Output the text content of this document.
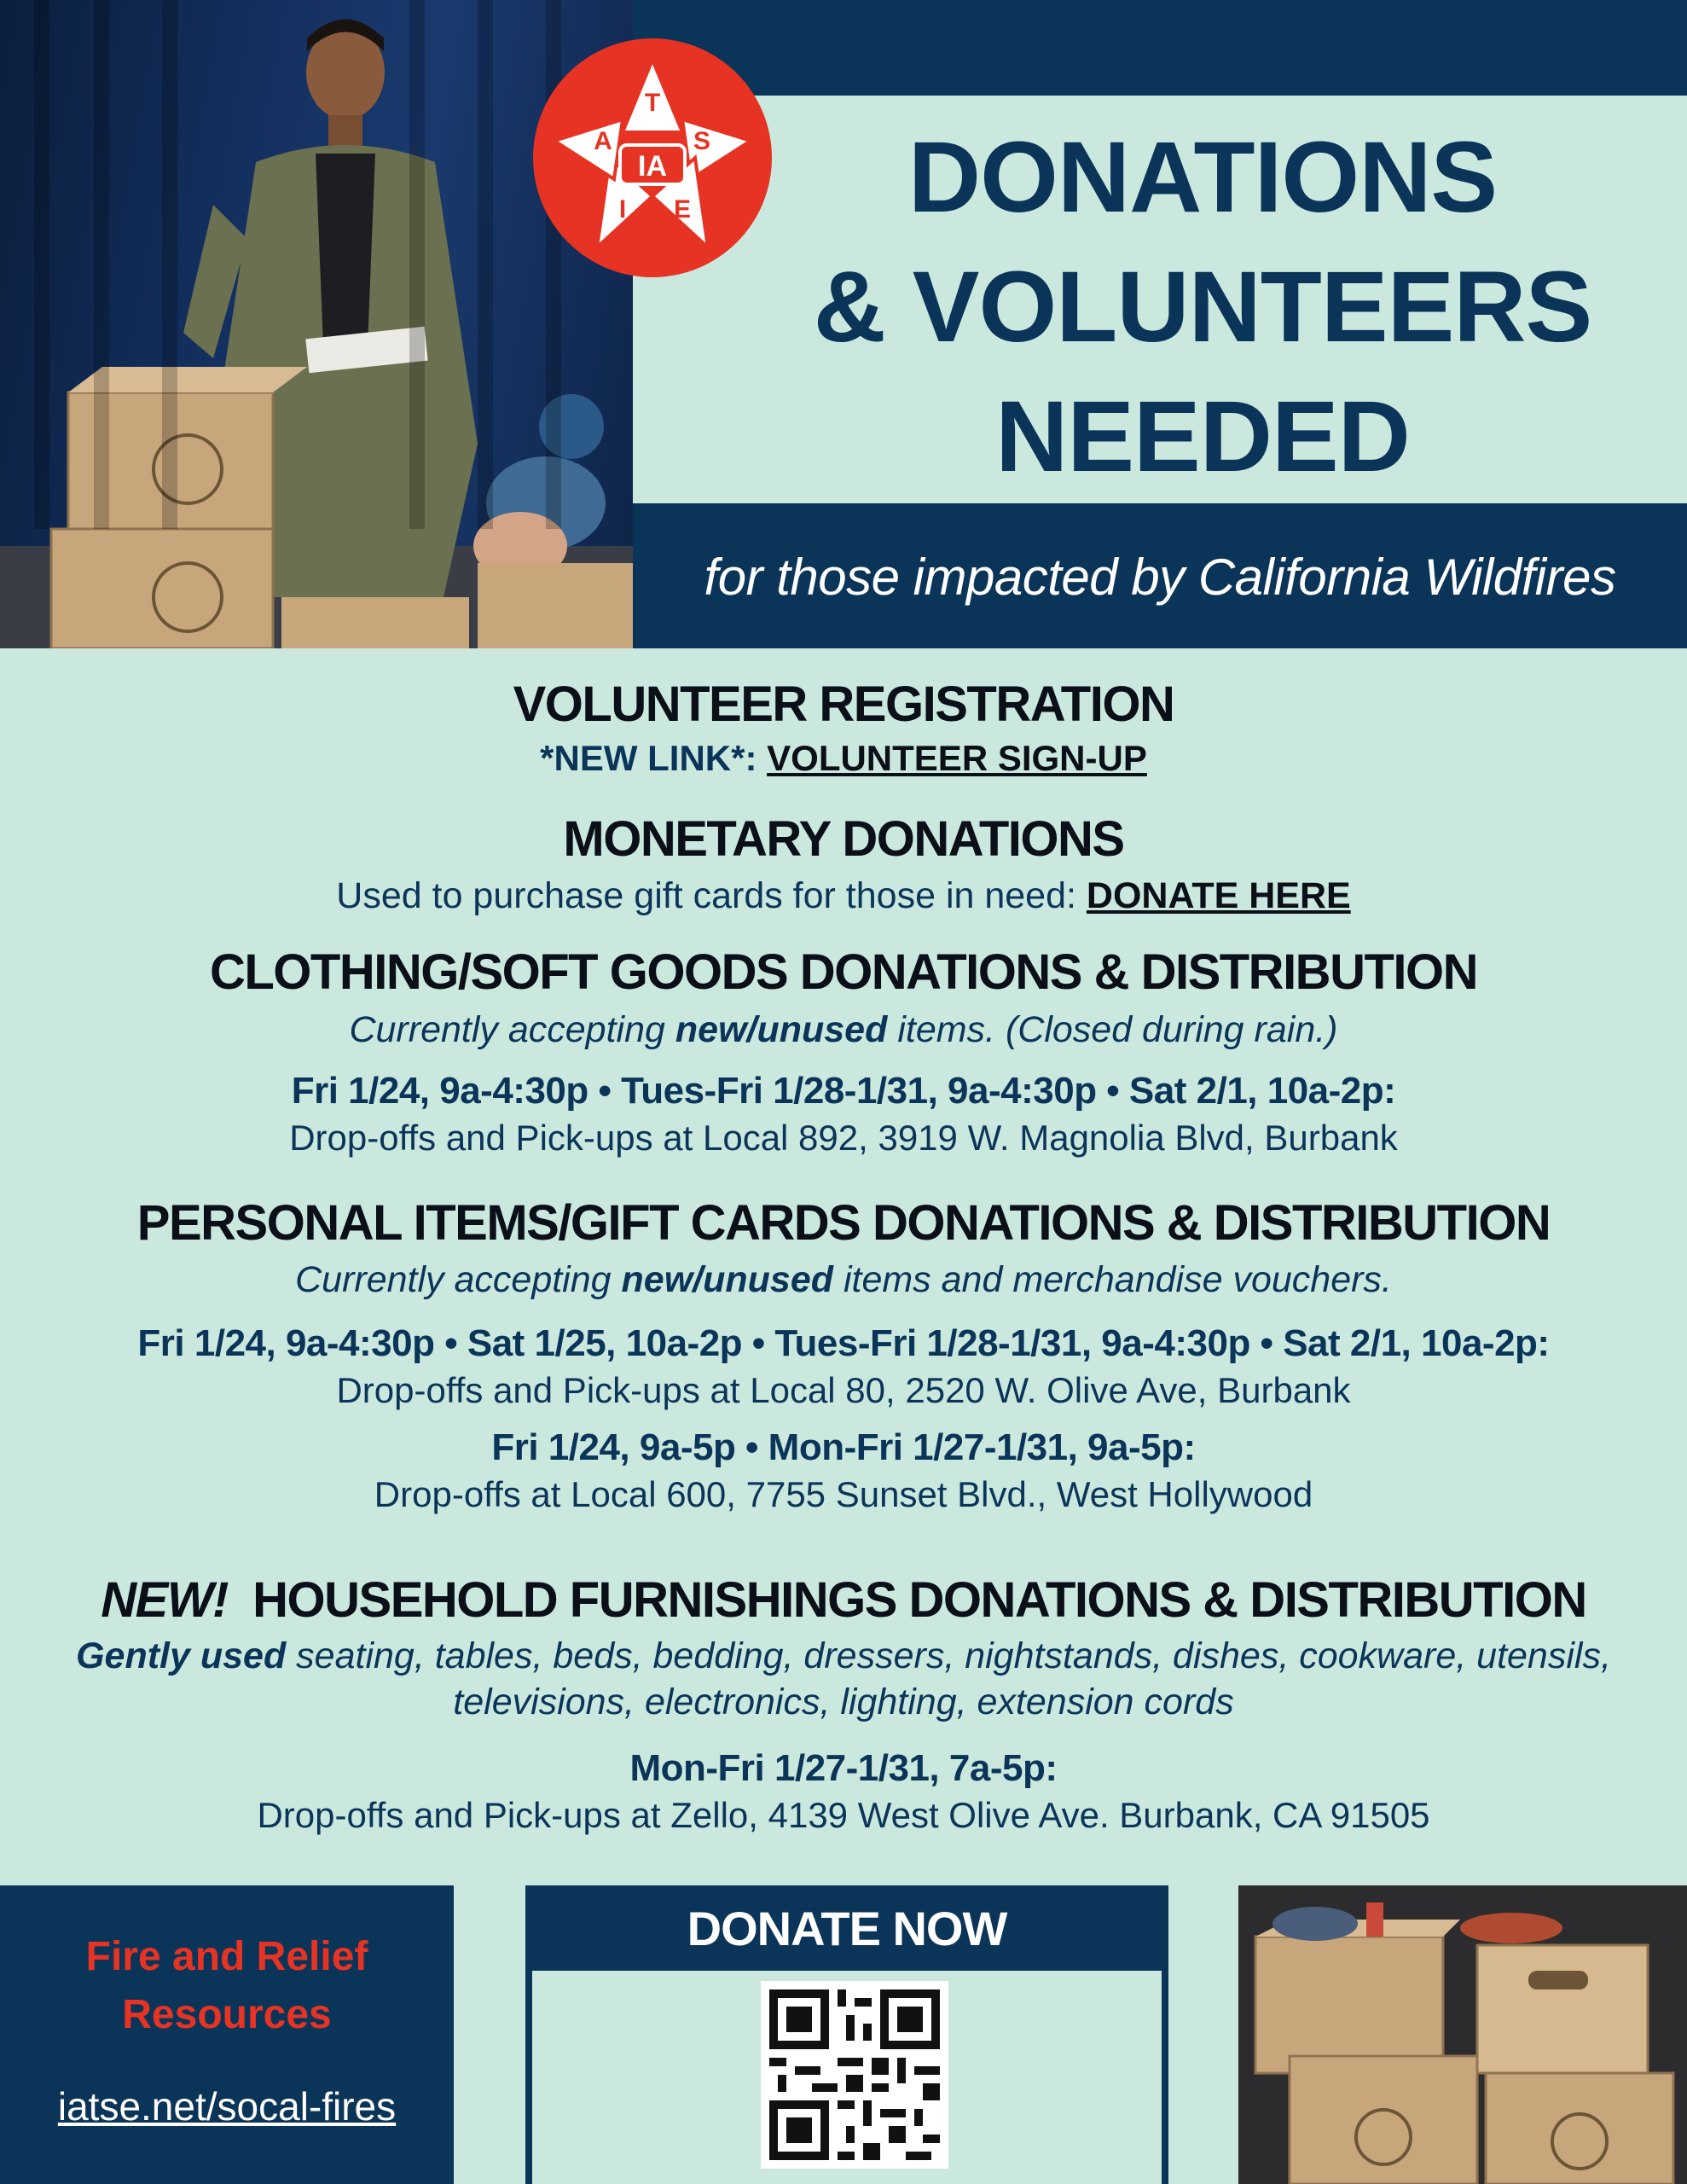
DONATIONS
& VOLUNTEERS
NEEDED
for those impacted by California Wildfires
T
S
E
I
A
IA
VOLUNTEER REGISTRATION
*NEW LINK*: VOLUNTEER SIGN-UP
MONETARY DONATIONS
Used to purchase gift cards for those in need: DONATE HERE
CLOTHING/SOFT GOODS DONATIONS & DISTRIBUTION
Currently accepting new/unused items. (Closed during rain.)
Fri 1/24, 9a-4:30p • Tues-Fri 1/28-1/31, 9a-4:30p • Sat 2/1, 10a-2p:
Drop-offs and Pick-ups at Local 892, 3919 W. Magnolia Blvd, Burbank
PERSONAL ITEMS/GIFT CARDS DONATIONS & DISTRIBUTION
Currently accepting new/unused items and merchandise vouchers.
Fri 1/24, 9a-4:30p • Sat 1/25, 10a-2p • Tues-Fri 1/28-1/31, 9a-4:30p • Sat 2/1, 10a-2p:
Drop-offs and Pick-ups at Local 80, 2520 W. Olive Ave, Burbank
Fri 1/24, 9a-5p • Mon-Fri 1/27-1/31, 9a-5p:
Drop-offs at Local 600, 7755 Sunset Blvd., West Hollywood
NEW! HOUSEHOLD FURNISHINGS DONATIONS & DISTRIBUTION
Gently used seating, tables, beds, bedding, dressers, nightstands, dishes, cookware, utensils,
televisions, electronics, lighting, extension cords
Mon-Fri 1/27-1/31, 7a-5p:
Drop-offs and Pick-ups at Zello, 4139 West Olive Ave. Burbank, CA 91505
Fire and Relief
Resources
iatse.net/socal-fires
DONATE NOW
